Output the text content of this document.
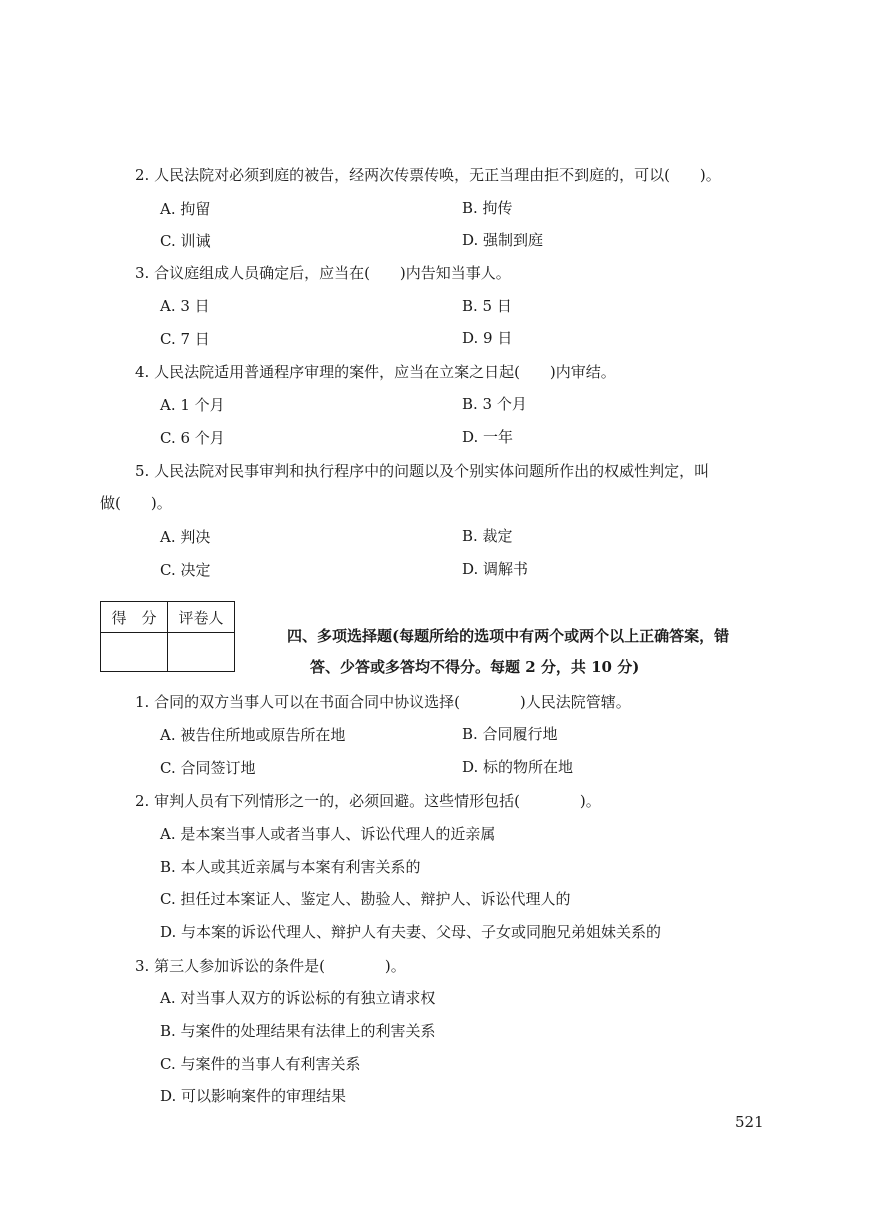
2. 人民法院对必须到庭的被告，经两次传票传唤，无正当理由拒不到庭的，可以(　　)。
A. 拘留	B. 拘传
C. 训诫	D. 强制到庭
3. 合议庭组成人员确定后，应当在(　　)内告知当事人。
A. 3 日	B. 5 日
C. 7 日	D. 9 日
4. 人民法院适用普通程序审理的案件，应当在立案之日起(　　)内审结。
A. 1 个月	B. 3 个月
C. 6 个月	D. 一年
5. 人民法院对民事审判和执行程序中的问题以及个别实体问题所作出的权威性判定，叫
做(　　)。
A. 判决	B. 裁定
C. 决定	D. 调解书
得　分	评卷人

四、多项选择题(每题所给的选项中有两个或两个以上正确答案，错
答、少答或多答均不得分。每题 2 分，共 10 分)
1. 合同的双方当事人可以在书面合同中协议选择(　　　　)人民法院管辖。
A. 被告住所地或原告所在地	B. 合同履行地
C. 合同签订地	D. 标的物所在地
2. 审判人员有下列情形之一的，必须回避。这些情形包括(　　　　)。
A. 是本案当事人或者当事人、诉讼代理人的近亲属
B. 本人或其近亲属与本案有利害关系的
C. 担任过本案证人、鉴定人、勘验人、辩护人、诉讼代理人的
D. 与本案的诉讼代理人、辩护人有夫妻、父母、子女或同胞兄弟姐妹关系的
3. 第三人参加诉讼的条件是(　　　　)。
A. 对当事人双方的诉讼标的有独立请求权
B. 与案件的处理结果有法律上的利害关系
C. 与案件的当事人有利害关系
D. 可以影响案件的审理结果
521
